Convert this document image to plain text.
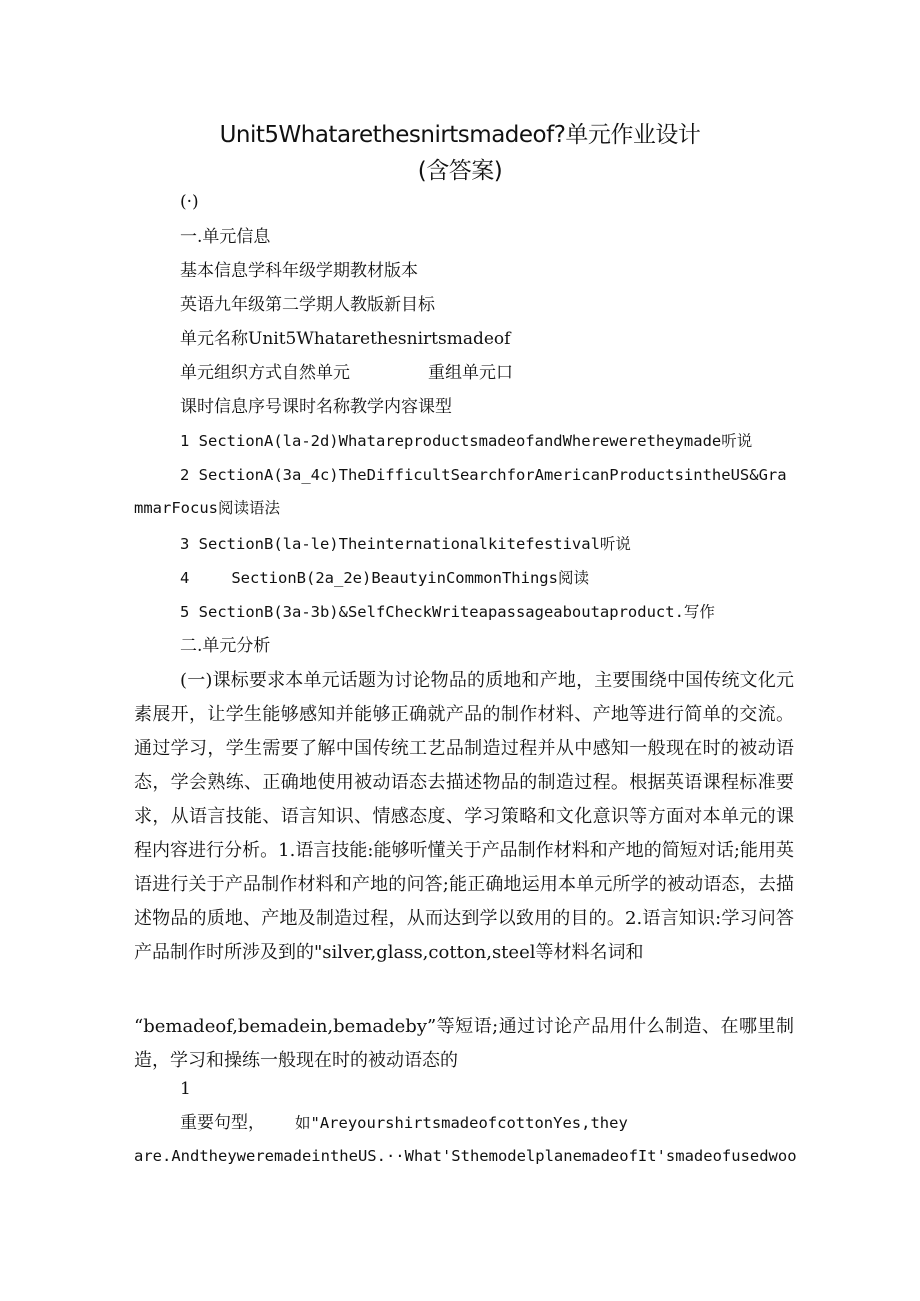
Unit5Whatarethesnirtsmadeof?单元作业设计
(含答案)
(·)
一.单元信息
基本信息学科年级学期教材版本
英语九年级第二学期人教版新目标
单元名称Unit5Whatarethesnirtsmadeof
单元组织方式自然单元	重组单元口
课时信息序号课时名称教学内容课型
1 SectionA(la-2d)WhatareproductsmadeofandWhereweretheymade听说
2 SectionA(3a_4c)TheDifficultSearchforAmericanProductsintheUS&Gra
mmarFocus阅读语法
3 SectionB(la-le)Theinternationalkitefestival听说
4	SectionB(2a_2e)BeautyinCommonThings阅读
5 SectionB(3a-3b)&SelfCheckWriteapassageaboutaproduct.写作
二.单元分析
(一)课标要求本单元话题为讨论物品的质地和产地，主要围绕中国传统文化元素展开，让学生能够感知并能够正确就产品的制作材料、产地等进行简单的交流。通过学习，学生需要了解中国传统工艺品制造过程并从中感知一般现在时的被动语态，学会熟练、正确地使用被动语态去描述物品的制造过程。根据英语课程标准要求，从语言技能、语言知识、情感态度、学习策略和文化意识等方面对本单元的课程内容进行分析。1.语言技能:能够听懂关于产品制作材料和产地的简短对话;能用英语进行关于产品制作材料和产地的问答;能正确地运用本单元所学的被动语态，去描述物品的质地、产地及制造过程，从而达到学以致用的目的。2.语言知识:学习问答产品制作时所涉及到的"silver,glass,cotton,steel等材料名词和
“bemadeof,bemadein,bemadeby”等短语;通过讨论产品用什么制造、在哪里制造，学习和操练一般现在时的被动语态的
1
重要句型， 如"AreyourshirtsmadeofcottonYes,they
are.AndtheyweremadeintheUS.··What'SthemodelplanemadeofIt'smadeofusedwoo
